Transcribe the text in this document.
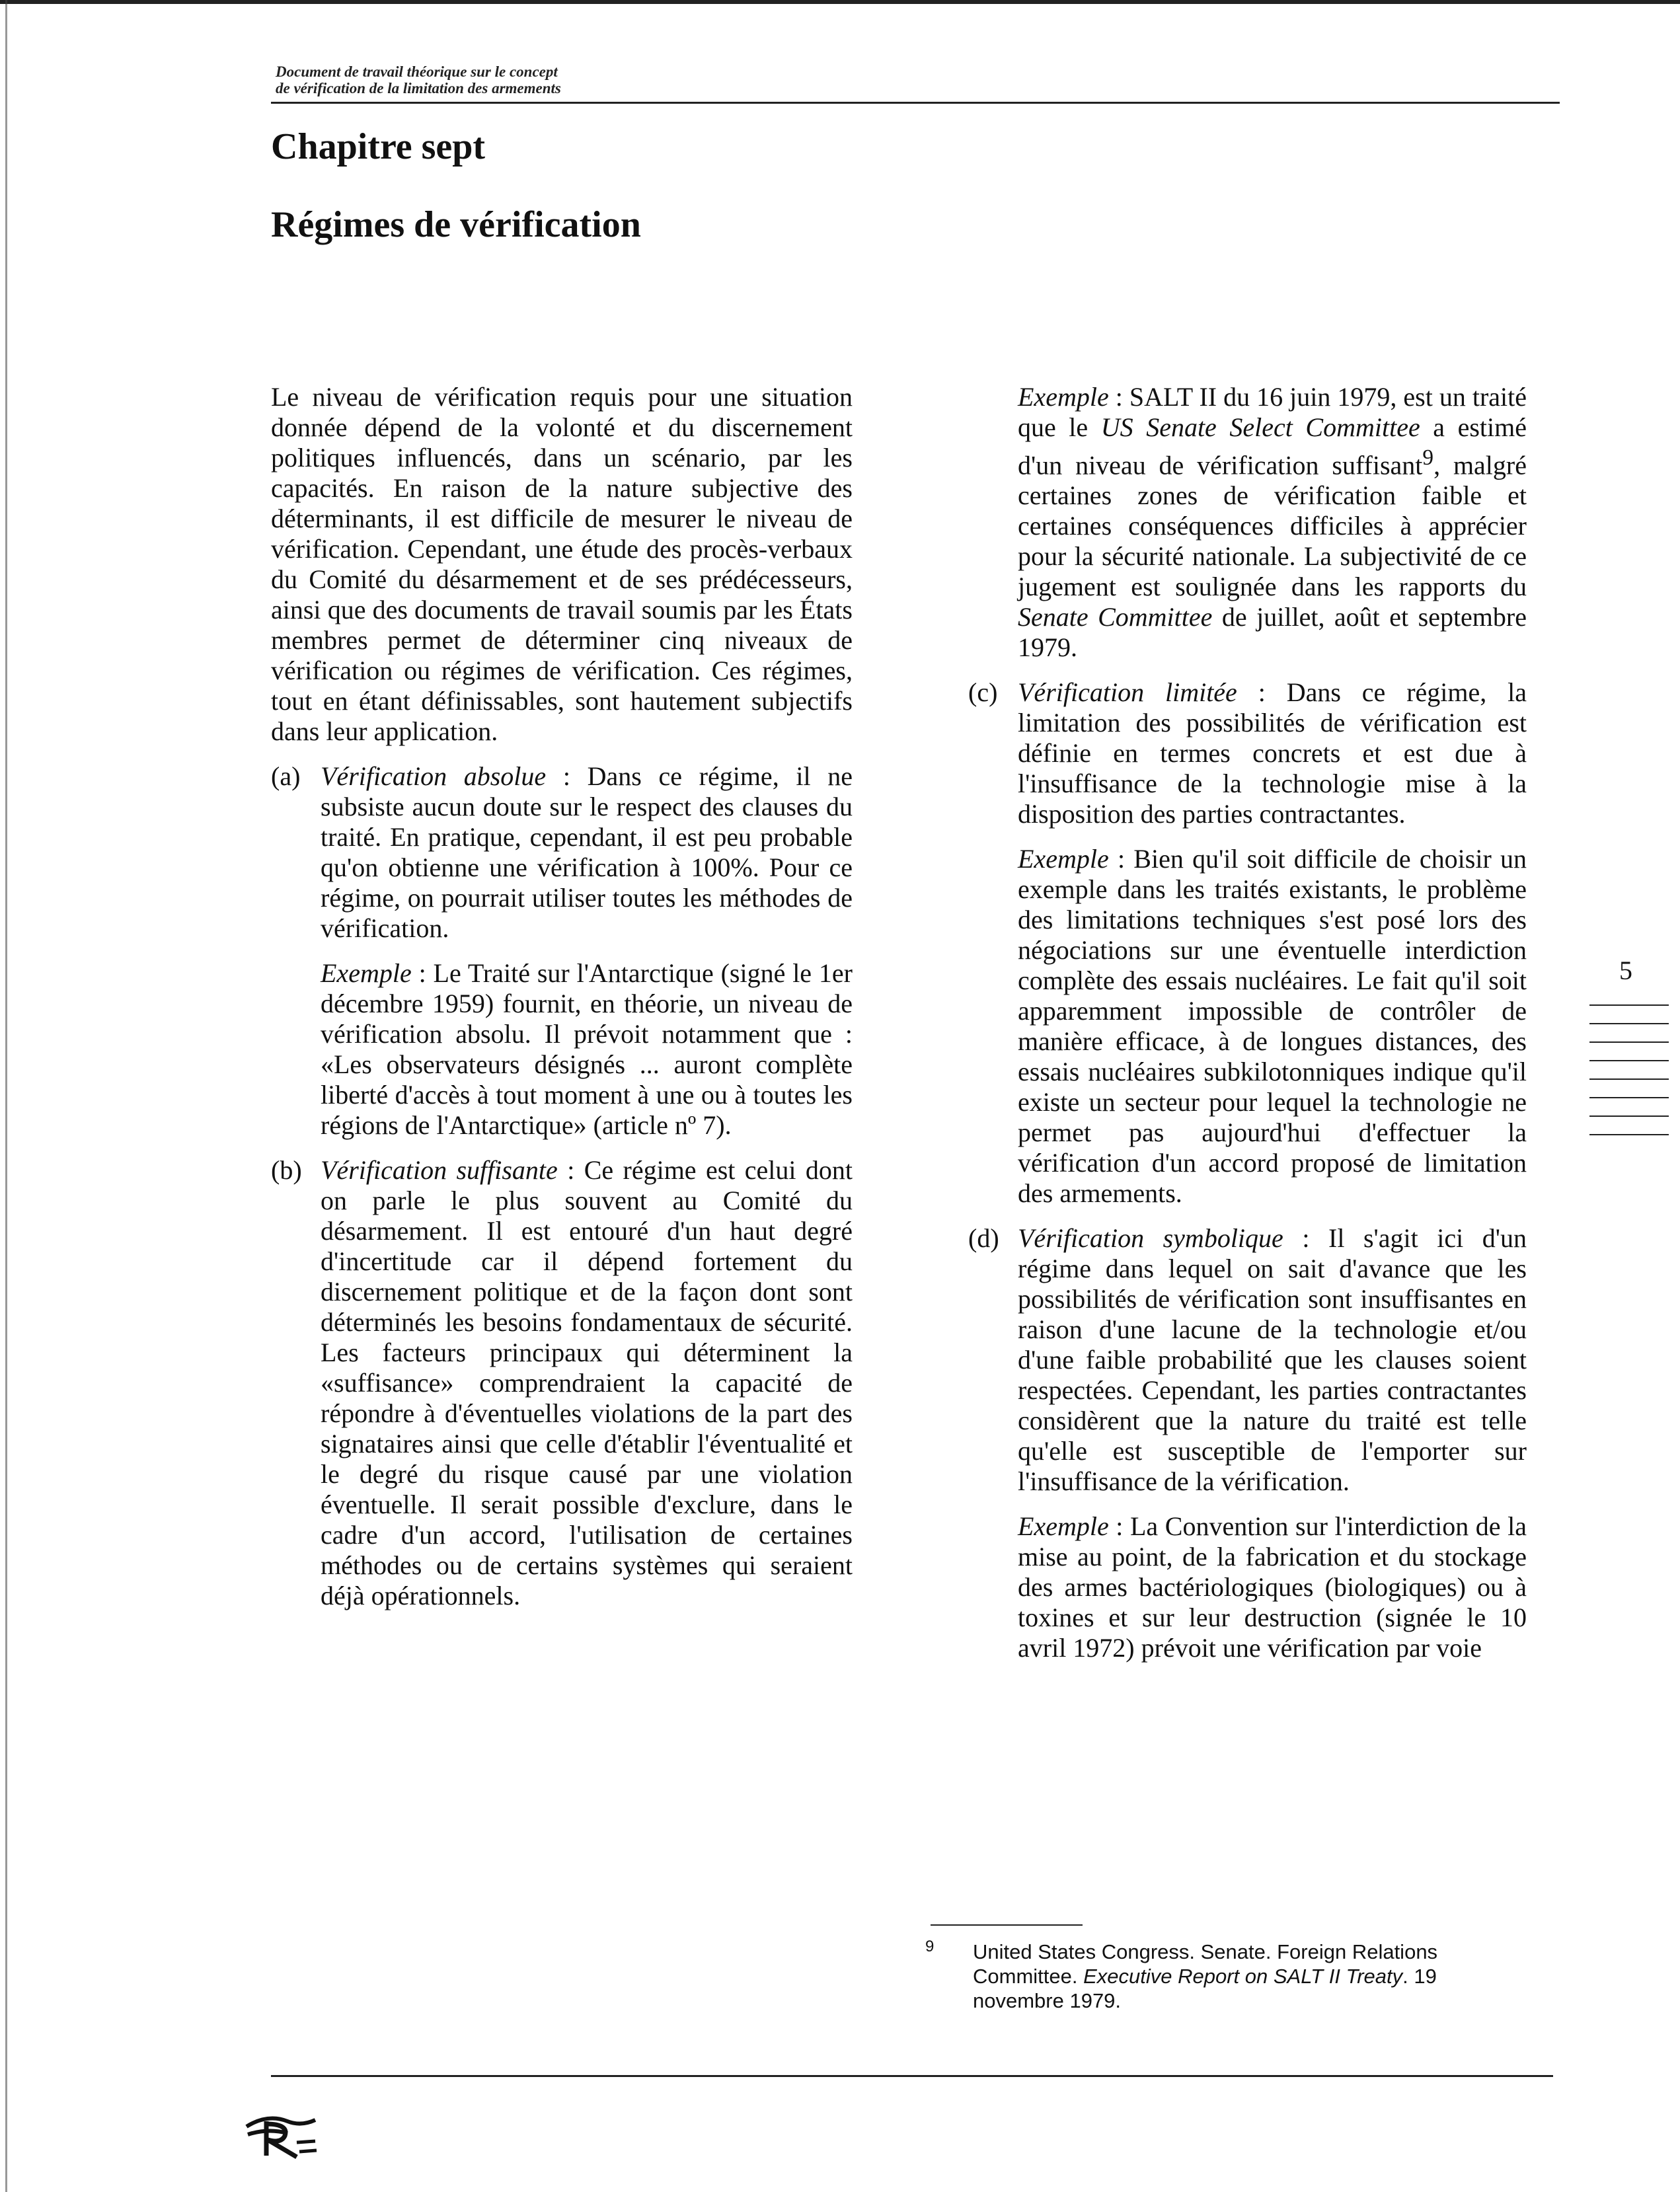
Document de travail théorique sur le concept
de vérification de la limitation des armements
Chapitre sept
Régimes de vérification

Le niveau de vérification requis pour une situation donnée dépend de la volonté et du discernement politiques influencés, dans un scénario, par les capacités. En raison de la nature subjective des déterminants, il est difficile de mesurer le niveau de vérification. Cependant, une étude des procès-verbaux du Comité du désarmement et de ses prédécesseurs, ainsi que des documents de travail soumis par les États membres permet de déterminer cinq niveaux de vérification ou régimes de vérification. Ces régimes, tout en étant définissables, sont hautement subjectifs dans leur application.

(a) Vérification absolue : Dans ce régime, il ne subsiste aucun doute sur le respect des clauses du traité. En pratique, cependant, il est peu probable qu'on obtienne une vérification à 100%. Pour ce régime, on pourrait utiliser toutes les méthodes de vérification.

Exemple : Le Traité sur l'Antarctique (signé le 1er décembre 1959) fournit, en théorie, un niveau de vérification absolu. Il prévoit notamment que : «Les observateurs désignés ... auront complète liberté d'accès à tout moment à une ou à toutes les régions de l'Antarctique» (article nº 7).

(b) Vérification suffisante : Ce régime est celui dont on parle le plus souvent au Comité du désarmement. Il est entouré d'un haut degré d'incertitude car il dépend fortement du discernement politique et de la façon dont sont déterminés les besoins fondamentaux de sécurité. Les facteurs principaux qui déterminent la «suffisance» comprendraient la capacité de répondre à d'éventuelles violations de la part des signataires ainsi que celle d'établir l'éventualité et le degré du risque causé par une violation éventuelle. Il serait possible d'exclure, dans le cadre d'un accord, l'utilisation de certaines méthodes ou de certains systèmes qui seraient déjà opérationnels.

Exemple : SALT II du 16 juin 1979, est un traité que le US Senate Select Committee a estimé d'un niveau de vérification suffisant$^9$, malgré certaines zones de vérification faible et certaines conséquences difficiles à apprécier pour la sécurité nationale. La subjectivité de ce jugement est soulignée dans les rapports du Senate Committee de juillet, août et septembre 1979.

(c) Vérification limitée : Dans ce régime, la limitation des possibilités de vérification est définie en termes concrets et est due à l'insuffisance de la technologie mise à la disposition des parties contractantes.

Exemple : Bien qu'il soit difficile de choisir un exemple dans les traités existants, le problème des limitations techniques s'est posé lors des négociations sur une éventuelle interdiction complète des essais nucléaires. Le fait qu'il soit apparemment impossible de contrôler de manière efficace, à de longues distances, des essais nucléaires subkilotonniques indique qu'il existe un secteur pour lequel la technologie ne permet pas aujourd'hui d'effectuer la vérification d'un accord proposé de limitation des armements.

(d) Vérification symbolique : Il s'agit ici d'un régime dans lequel on sait d'avance que les possibilités de vérification sont insuffisantes en raison d'une lacune de la technologie et/ou d'une faible probabilité que les clauses soient respectées. Cependant, les parties contractantes considèrent que la nature du traité est telle qu'elle est susceptible de l'emporter sur l'insuffisance de la vérification.

Exemple : La Convention sur l'interdiction de la mise au point, de la fabrication et du stockage des armes bactériologiques (biologiques) ou à toxines et sur leur destruction (signée le 10 avril 1972) prévoit une vérification par voie

5
9 United States Congress. Senate. Foreign Relations Committee. Executive Report on SALT II Treaty. 19 novembre 1979.
